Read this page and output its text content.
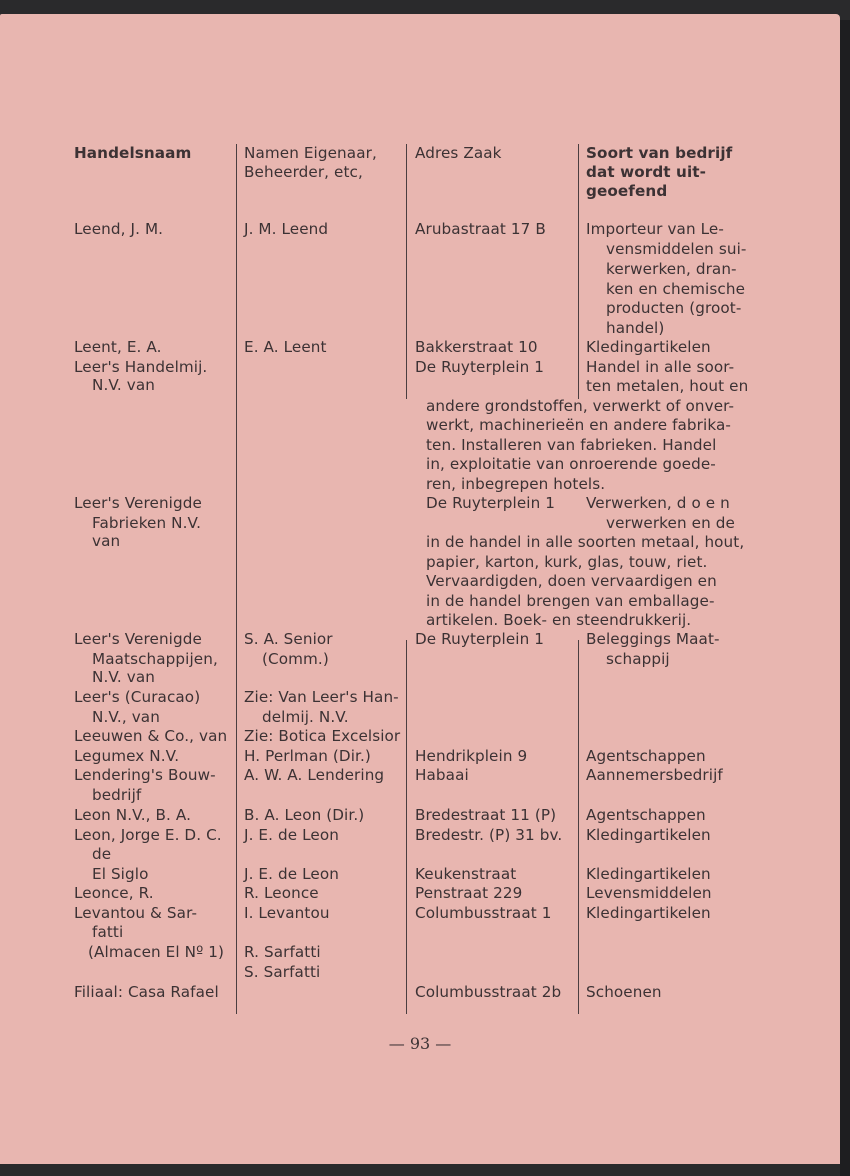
Handelsnaam	Namen Eigenaar,
Beheerder, etc,
Adres Zaak	Soort van bedrijf
dat wordt uit-
geoefend
Leend, J. M.
Leent, E. A.
Leer's Handelmij.
N.V. van
Leer's Verenigde
Fabrieken N.V.
van
Leer's Verenigde
Maatschappijen,
N.V. van
Leer's (Curacao)
N.V., van
Leeuwen & Co., van
Legumex N.V.
Lendering's Bouw-
bedrijf
Leon N.V., B. A.
Leon, Jorge E. D. C.
de
El Siglo
Leonce, R.
Levantou & Sar-
fatti
(Almacen El Nº 1)
Filiaal: Casa Rafael
J. M. Leend
E. A. Leent
S. A. Senior
(Comm.)
Zie: Van Leer's Han-
delmij. N.V.
Zie: Botica Excelsior
H. Perlman (Dir.)
A. W. A. Lendering
B. A. Leon (Dir.)
J. E. de Leon
J. E. de Leon
R. Leonce
I. Levantou
R. Sarfatti
S. Sarfatti
Arubastraat 17 B
Bakkerstraat 10
De Ruyterplein 1
De Ruyterplein 1
De Ruyterplein 1
Hendrikplein 9
Habaai
Bredestraat 11 (P)
Bredestr. (P) 31 bv.
Keukenstraat
Penstraat 229
Columbusstraat 1
Columbusstraat 2b
Importeur van Le-
vensmiddelen sui-
kerwerken, dran-
ken en chemische
producten (groot-
handel)
Kledingartikelen
Handel in alle soor-
ten metalen, hout en
Verwerken, d o e n
verwerken en de
Beleggings Maat-
schappij
Agentschappen
Aannemersbedrijf
Agentschappen
Kledingartikelen
Kledingartikelen
Levensmiddelen
Kledingartikelen
Schoenen
andere grondstoffen, verwerkt of onver-
werkt, machinerieën en andere fabrika-
ten. Installeren van fabrieken. Handel
in, exploitatie van onroerende goede-
ren, inbegrepen hotels.
in de handel in alle soorten metaal, hout,
papier, karton, kurk, glas, touw, riet.
Vervaardigden, doen vervaardigen en
in de handel brengen van emballage-
artikelen. Boek- en steendrukkerij.
— 93 —
